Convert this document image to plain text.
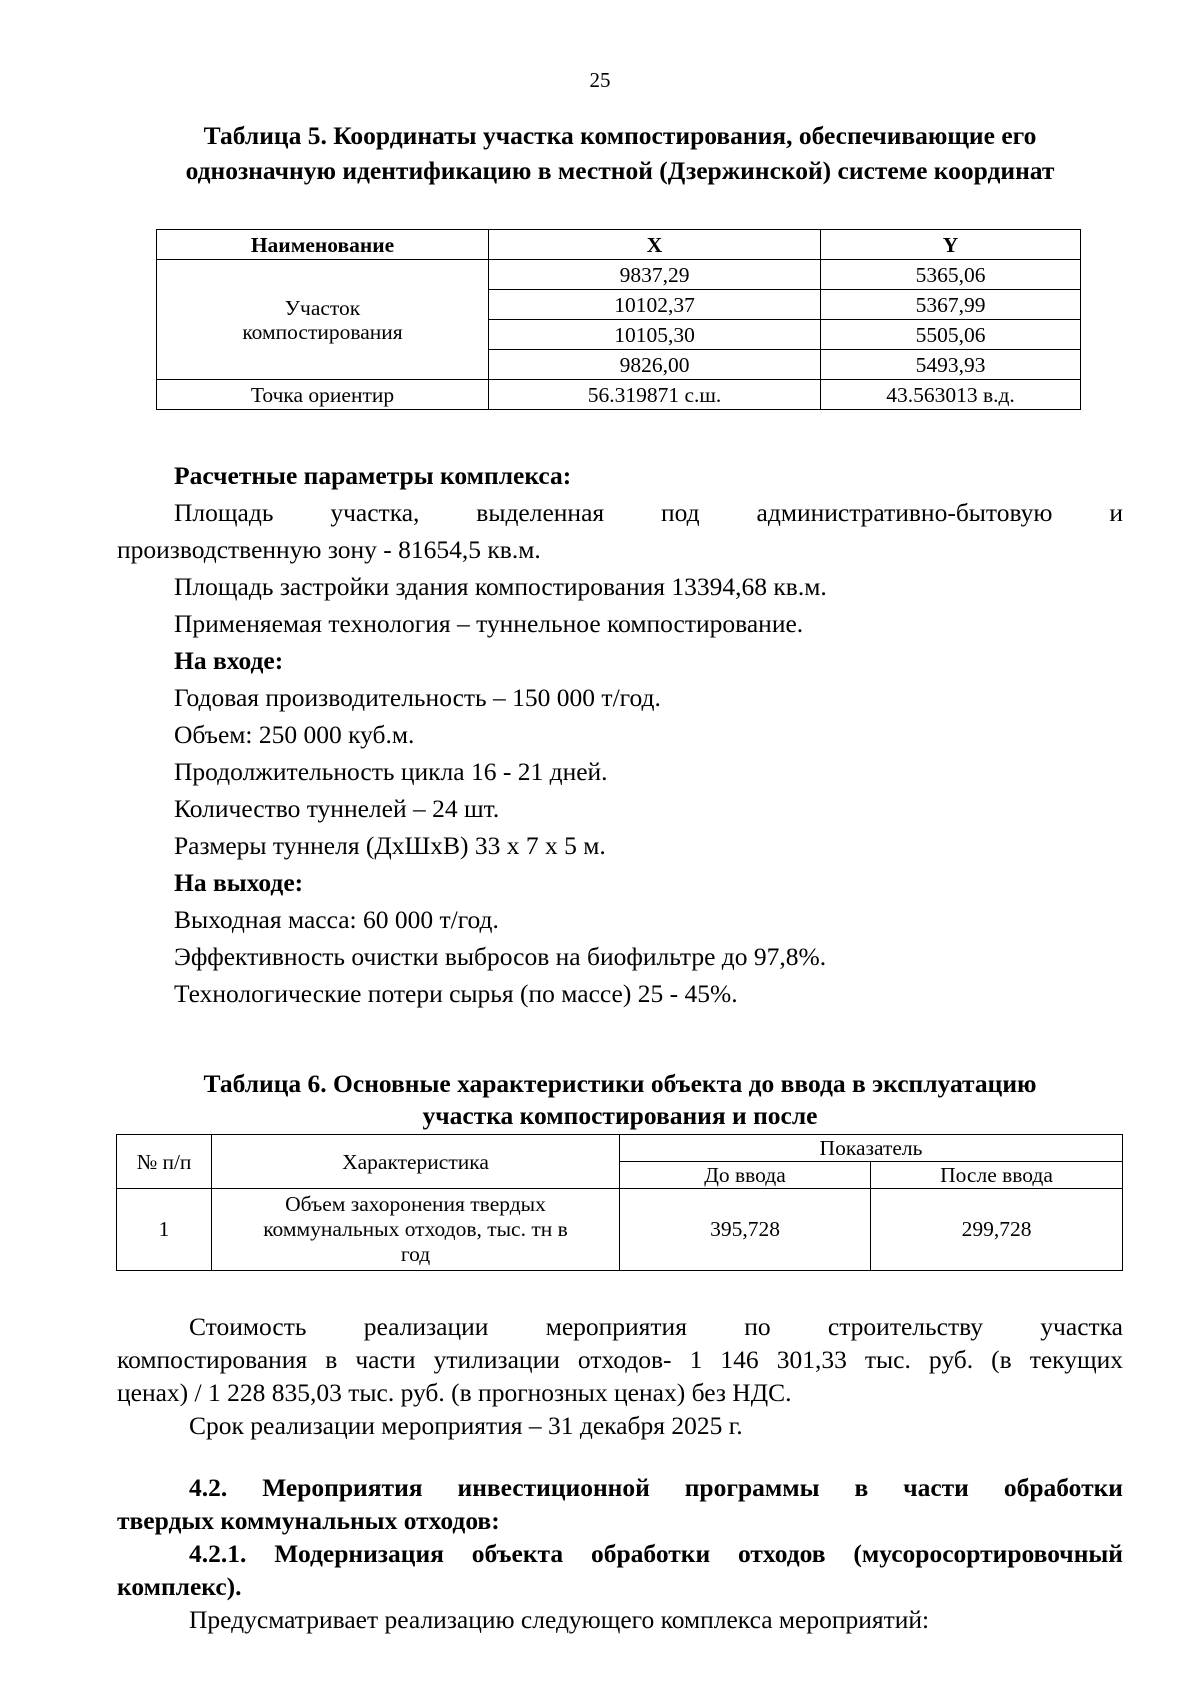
25
Таблица 5. Координаты участка компостирования, обеспечивающие его
однозначную идентификацию в местной (Дзержинской) системе координат
Наименование	X	Y

Участок
компостирования	9837,29	5365,06
	10102,37	5367,99
	10105,30	5505,06
	9826,00	5493,93
Точка ориентир	56.319871 с.ш.	43.563013 в.д.
Расчетные параметры комплекса:
Площадь участка, выделенная под административно-бытовую и
производственную зону - 81654,5 кв.м.
Площадь застройки здания компостирования 13394,68 кв.м.
Применяемая технология – туннельное компостирование.
На входе:
Годовая производительность – 150 000 т/год.
Объем: 250 000 куб.м.
Продолжительность цикла 16 - 21 дней.
Количество туннелей – 24 шт.
Размеры туннеля (ДхШхВ) 33 х 7 х 5 м.
На выходе:
Выходная масса: 60 000 т/год.
Эффективность очистки выбросов на биофильтре до 97,8%.
Технологические потери сырья (по массе) 25 - 45%.
Таблица 6. Основные характеристики объекта до ввода в эксплуатацию
участка компостирования и после
№ п/п	Характеристика	Показатель	
		До ввода	После ввода
1	Объем захоронения твердых
коммунальных отходов, тыс. тн в
год	395,728	299,728
Стоимость реализации мероприятия по строительству участка
компостирования в части утилизации отходов- 1 146 301,33 тыс. руб. (в текущих
ценах) / 1 228 835,03 тыс. руб. (в прогнозных ценах) без НДС.
Срок реализации мероприятия – 31 декабря 2025 г.
4.2. Мероприятия инвестиционной программы в части обработки
твердых коммунальных отходов:
4.2.1. Модернизация объекта обработки отходов (мусоросортировочный
комплекс).
Предусматривает реализацию следующего комплекса мероприятий:
